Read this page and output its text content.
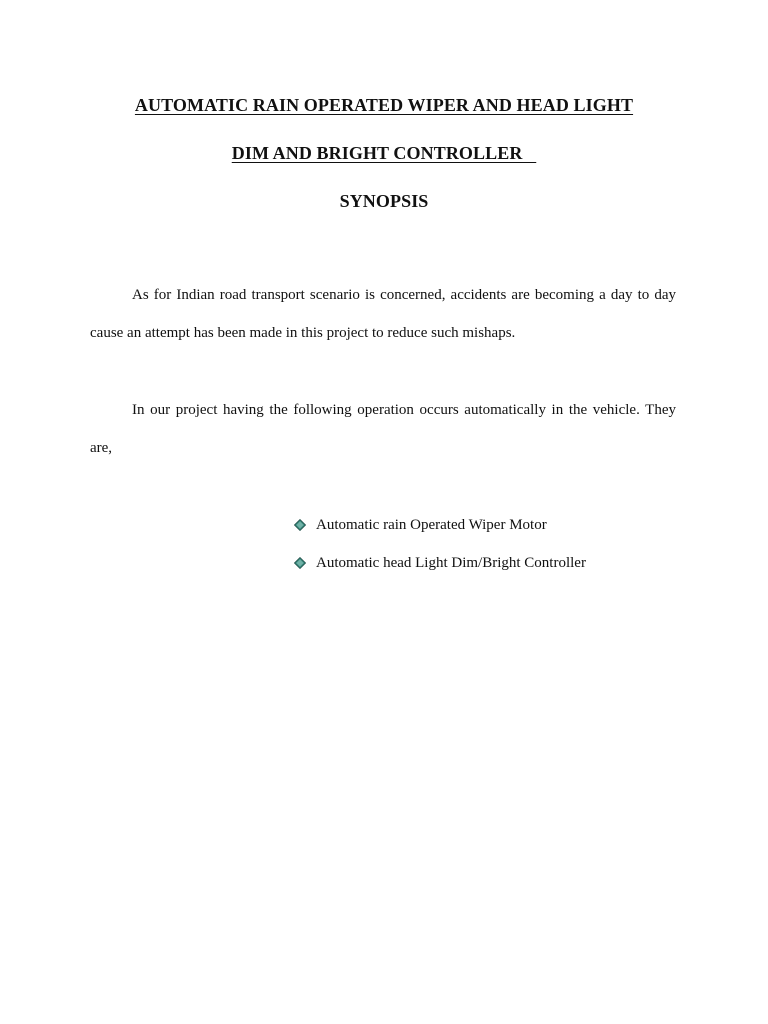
AUTOMATIC RAIN OPERATED WIPER AND HEAD LIGHT
DIM AND BRIGHT CONTROLLER
SYNOPSIS

As for Indian road transport scenario is concerned, accidents are becoming a day to day cause an attempt has been made in this project to reduce such mishaps.

In our project having the following operation occurs automatically in the vehicle. They are,

Automatic rain Operated Wiper Motor
Automatic head Light Dim/Bright Controller
